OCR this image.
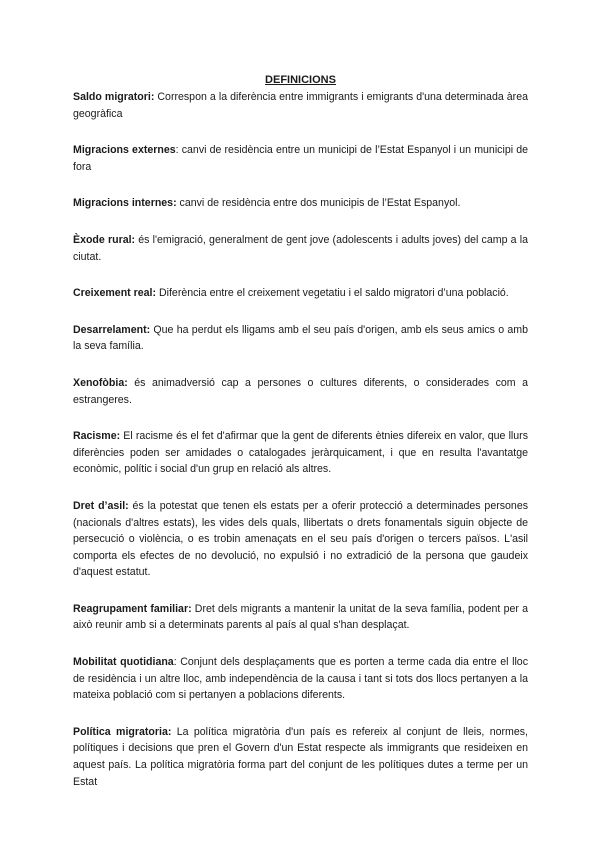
DEFINICIONS

Saldo migratori: Correspon a la diferència entre immigrants i emigrants d'una determinada àrea geogràfica

Migracions externes: canvi de residència entre un municipi de l’Estat Espanyol i un municipi de fora

Migracions internes: canvi de residència entre dos municipis de l’Estat Espanyol.

Èxode rural: és l'emigració, generalment de gent jove (adolescents i adults joves) del camp a la ciutat.

Creixement real: Diferència entre el creixement vegetatiu i el saldo migratori d’una població.

Desarrelament: Que ha perdut els lligams amb el seu país d'origen, amb els seus amics o amb la seva família.

Xenofòbia: és animadversió cap a persones o cultures diferents, o considerades com a estrangeres.

Racisme: El racisme és el fet d'afirmar que la gent de diferents ètnies difereix en valor, que llurs diferències poden ser amidades o catalogades jeràrquicament, i que en resulta l'avantatge econòmic, polític i social d'un grup en relació als altres.

Dret d’asil: és la potestat que tenen els estats per a oferir protecció a determinades persones (nacionals d'altres estats), les vides dels quals, llibertats o drets fonamentals siguin objecte de persecució o violència, o es trobin amenaçats en el seu país d'origen o tercers països. L'asil comporta els efectes de no devolució, no expulsió i no extradició de la persona que gaudeix d'aquest estatut.

Reagrupament familiar: Dret dels migrants a mantenir la unitat de la seva família, podent per a això reunir amb si a determinats parents al país al qual s'han desplaçat.

Mobilitat quotidiana: Conjunt dels desplaçaments que es porten a terme cada dia entre el lloc de residència i un altre lloc, amb independència de la causa i tant si tots dos llocs pertanyen a la mateixa població com si pertanyen a poblacions diferents.

Política migratoria: La política migratòria d'un país es refereix al conjunt de lleis, normes, polítiques i decisions que pren el Govern d'un Estat respecte als immigrants que resideixen en aquest país. La política migratòria forma part del conjunt de les polítiques dutes a terme per un Estat
